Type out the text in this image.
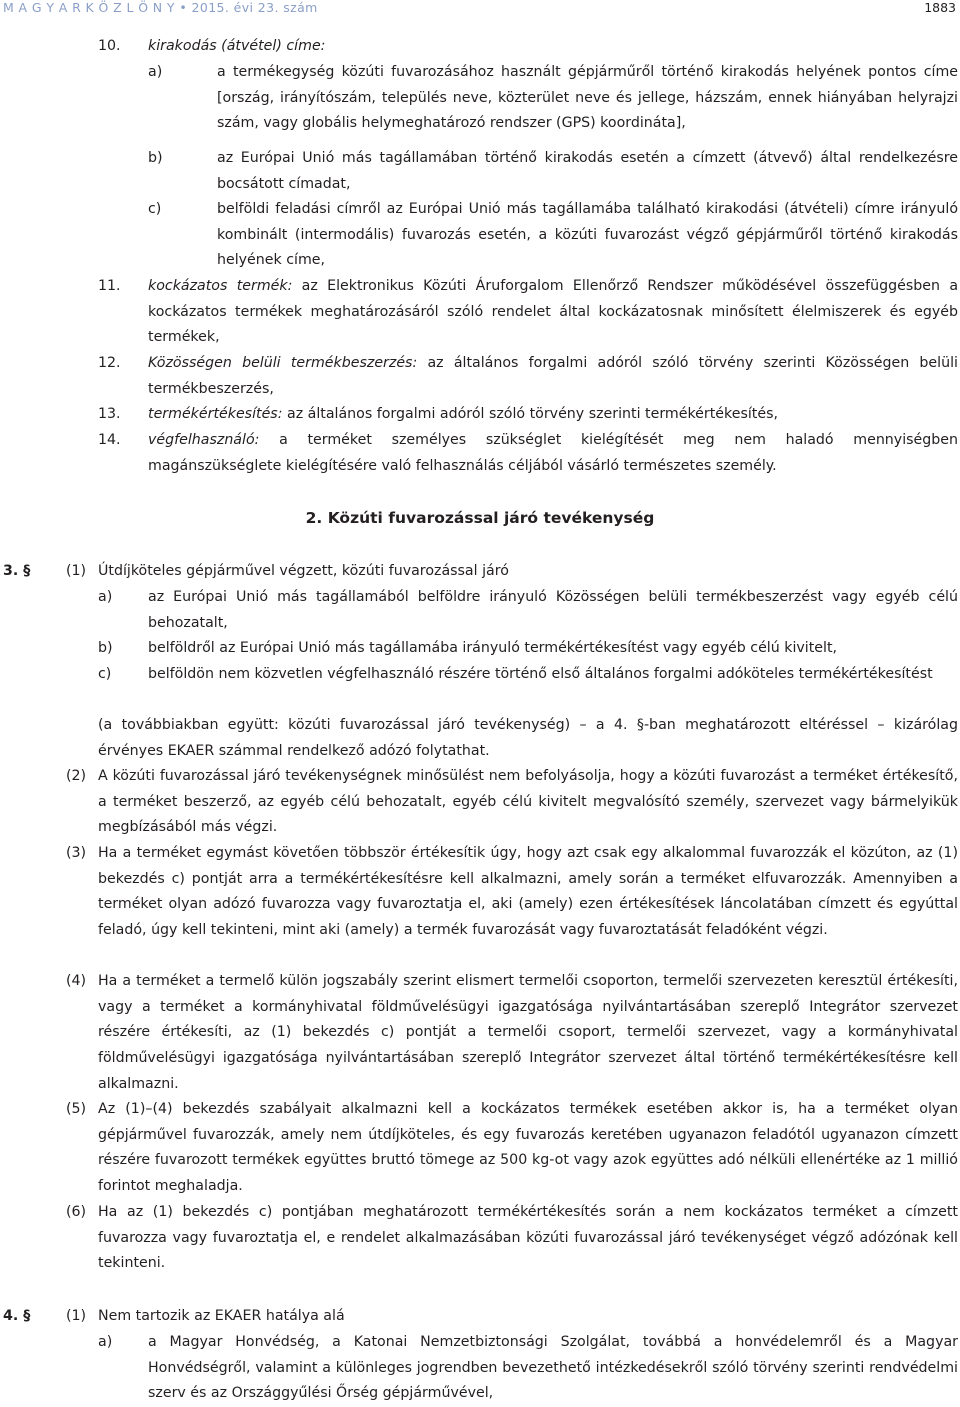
M A G Y A R K Ö Z L Ö N Y • 2015. évi 23. szám	1883
10. kirakodás (átvétel) címe:
a)	a termékegység közúti fuvarozásához használt gépjárműről történő kirakodás helyének pontos címe [ország, irányítószám, település neve, közterület neve és jellege, házszám, ennek hiányában helyrajzi szám, vagy globális helymeghatározó rendszer (GPS) koordináta],
b)	az Európai Unió más tagállamában történő kirakodás esetén a címzett (átvevő) által rendelkezésre bocsátott címadat,
c)	belföldi feladási címről az Európai Unió más tagállamába található kirakodási (átvételi) címre irányuló kombinált (intermodális) fuvarozás esetén, a közúti fuvarozást végző gépjárműről történő kirakodás helyének címe,
11. kockázatos termék: az Elektronikus Közúti Áruforgalom Ellenőrző Rendszer működésével összefüggésben a kockázatos termékek meghatározásáról szóló rendelet által kockázatosnak minősített élelmiszerek és egyéb termékek,
12. Közösségen belüli termékbeszerzés: az általános forgalmi adóról szóló törvény szerinti Közösségen belüli termékbeszerzés,
13. termékértékesítés: az általános forgalmi adóról szóló törvény szerinti termékértékesítés,
14. végfelhasználó: a terméket személyes szükséglet kielégítését meg nem haladó mennyiségben magánszükséglete kielégítésére való felhasználás céljából vásárló természetes személy.
2. Közúti fuvarozással járó tevékenység
3. §	(1) Útdíjköteles gépjárművel végzett, közúti fuvarozással járó
a)	az Európai Unió más tagállamából belföldre irányuló Közösségen belüli termékbeszerzést vagy egyéb célú behozatalt,
b) belföldről az Európai Unió más tagállamába irányuló termékértékesítést vagy egyéb célú kivitelt,
c)	belföldön nem közvetlen végfelhasználó részére történő első általános forgalmi adóköteles termékértékesítést
(a továbbiakban együtt: közúti fuvarozással járó tevékenység) – a 4. §-ban meghatározott eltéréssel – kizárólag érvényes EKAER számmal rendelkező adózó folytathat.
(2) A közúti fuvarozással járó tevékenységnek minősülést nem befolyásolja, hogy a közúti fuvarozást a terméket értékesítő, a terméket beszerző, az egyéb célú behozatalt, egyéb célú kivitelt megvalósító személy, szervezet vagy bármelyikük megbízásából más végzi.
(3) Ha a terméket egymást követően többször értékesítik úgy, hogy azt csak egy alkalommal fuvarozzák el közúton, az (1) bekezdés c) pontját arra a termékértékesítésre kell alkalmazni, amely során a terméket elfuvarozzák. Amennyiben a terméket olyan adózó fuvarozza vagy fuvaroztatja el, aki (amely) ezen értékesítések láncolatában címzett és egyúttal feladó, úgy kell tekinteni, mint aki (amely) a termék fuvarozását vagy fuvaroztatását feladóként végzi.
(4) Ha a terméket a termelő külön jogszabály szerint elismert termelői csoporton, termelői szervezeten keresztül értékesíti, vagy a terméket a kormányhivatal földművelésügyi igazgatósága nyilvántartásában szereplő Integrátor szervezet részére értékesíti, az (1) bekezdés c) pontját a termelői csoport, termelői szervezet, vagy a kormányhivatal földművelésügyi igazgatósága nyilvántartásában szereplő Integrátor szervezet által történő termékértékesítésre kell alkalmazni.
(5) Az (1)–(4) bekezdés szabályait alkalmazni kell a kockázatos termékek esetében akkor is, ha a terméket olyan gépjárművel fuvarozzák, amely nem útdíjköteles, és egy fuvarozás keretében ugyanazon feladótól ugyanazon címzett részére fuvarozott termékek együttes bruttó tömege az 500 kg-ot vagy azok együttes adó nélküli ellenértéke az 1 millió forintot meghaladja.
(6) Ha az (1) bekezdés c) pontjában meghatározott termékértékesítés során a nem kockázatos terméket a címzett fuvarozza vagy fuvaroztatja el, e rendelet alkalmazásában közúti fuvarozással járó tevékenységet végző adózónak kell tekinteni.
4. §	(1) Nem tartozik az EKAER hatálya alá
a)	a Magyar Honvédség, a Katonai Nemzetbiztonsági Szolgálat, továbbá a honvédelemről és a Magyar Honvédségről, valamint a különleges jogrendben bevezethető intézkedésekről szóló törvény szerinti rendvédelmi szerv és az Országgyűlési Őrség gépjárművével,
